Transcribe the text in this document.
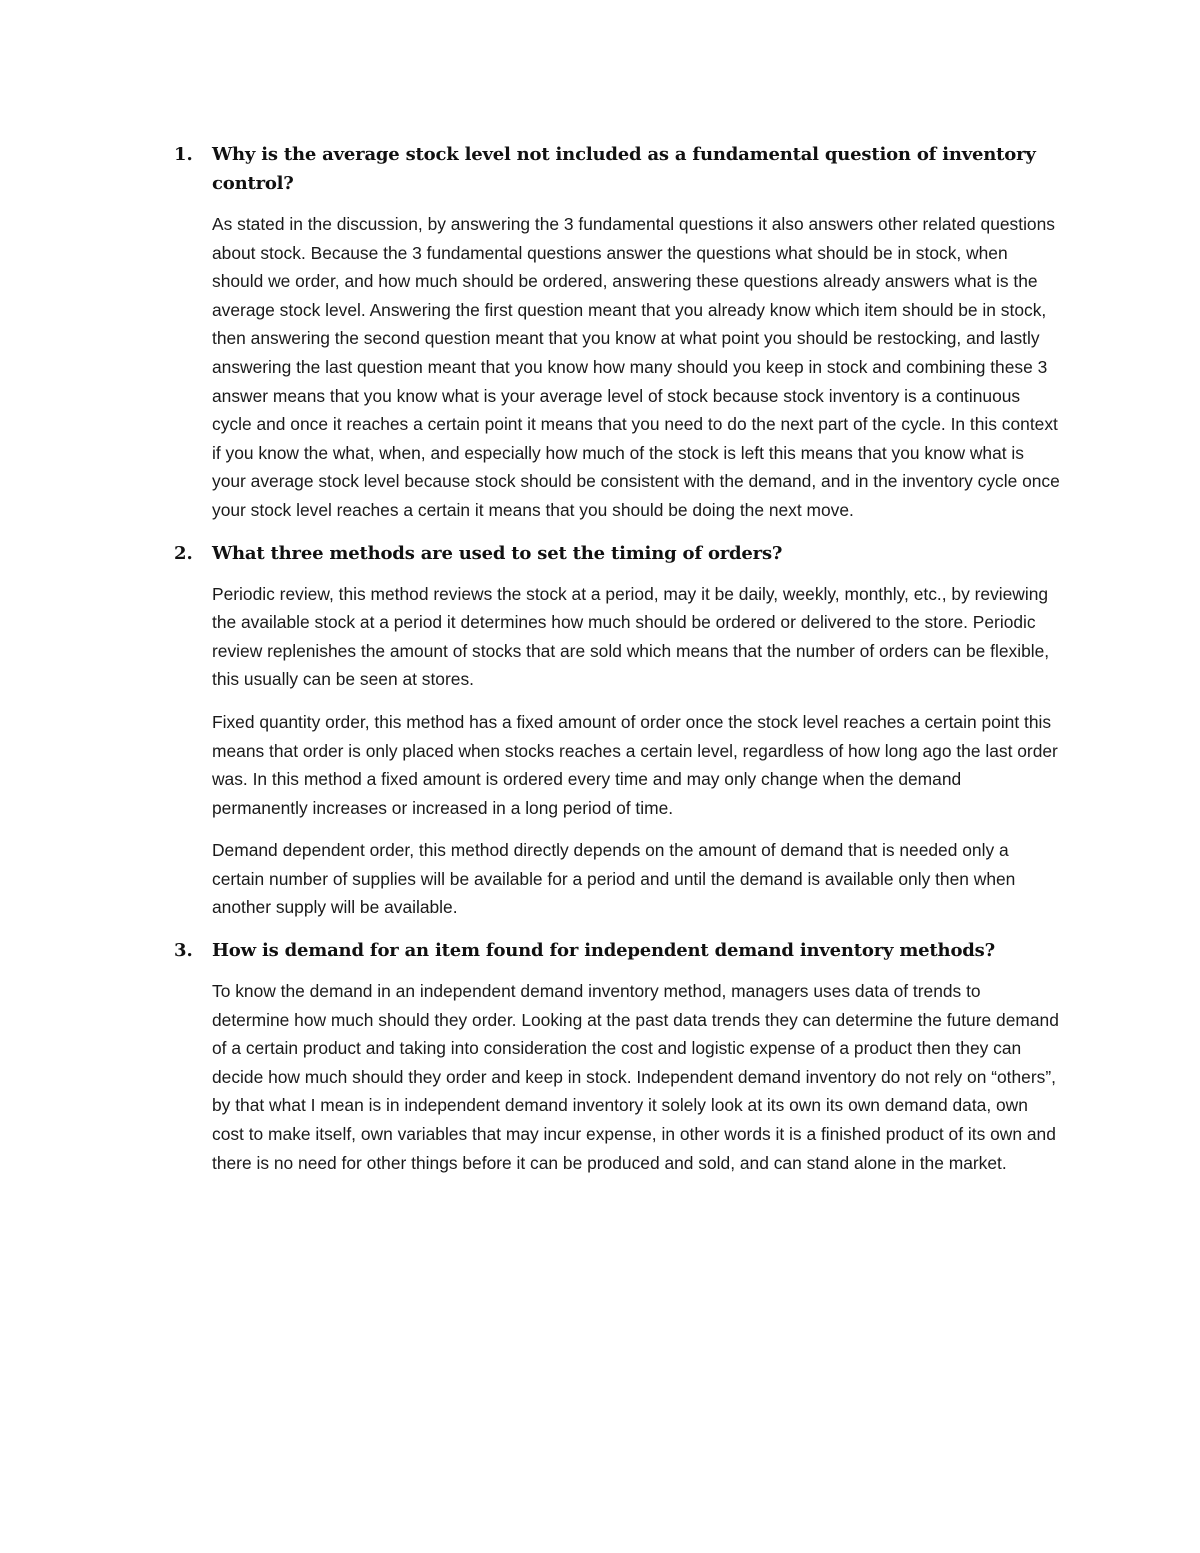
1. Why is the average stock level not included as a fundamental question of inventory control?

As stated in the discussion, by answering the 3 fundamental questions it also answers other related questions about stock. Because the 3 fundamental questions answer the questions what should be in stock, when should we order, and how much should be ordered, answering these questions already answers what is the average stock level. Answering the first question meant that you already know which item should be in stock, then answering the second question meant that you know at what point you should be restocking, and lastly answering the last question meant that you know how many should you keep in stock and combining these 3 answer means that you know what is your average level of stock because stock inventory is a continuous cycle and once it reaches a certain point it means that you need to do the next part of the cycle. In this context if you know the what, when, and especially how much of the stock is left this means that you know what is your average stock level because stock should be consistent with the demand, and in the inventory cycle once your stock level reaches a certain it means that you should be doing the next move.

2. What three methods are used to set the timing of orders?

Periodic review, this method reviews the stock at a period, may it be daily, weekly, monthly, etc., by reviewing the available stock at a period it determines how much should be ordered or delivered to the store. Periodic review replenishes the amount of stocks that are sold which means that the number of orders can be flexible, this usually can be seen at stores.

Fixed quantity order, this method has a fixed amount of order once the stock level reaches a certain point this means that order is only placed when stocks reaches a certain level, regardless of how long ago the last order was. In this method a fixed amount is ordered every time and may only change when the demand permanently increases or increased in a long period of time.

Demand dependent order, this method directly depends on the amount of demand that is needed only a certain number of supplies will be available for a period and until the demand is available only then when another supply will be available.

3. How is demand for an item found for independent demand inventory methods?

To know the demand in an independent demand inventory method, managers uses data of trends to determine how much should they order. Looking at the past data trends they can determine the future demand of a certain product and taking into consideration the cost and logistic expense of a product then they can decide how much should they order and keep in stock. Independent demand inventory do not rely on “others”, by that what I mean is in independent demand inventory it solely look at its own its own demand data, own cost to make itself, own variables that may incur expense, in other words it is a finished product of its own and there is no need for other things before it can be produced and sold, and can stand alone in the market.
